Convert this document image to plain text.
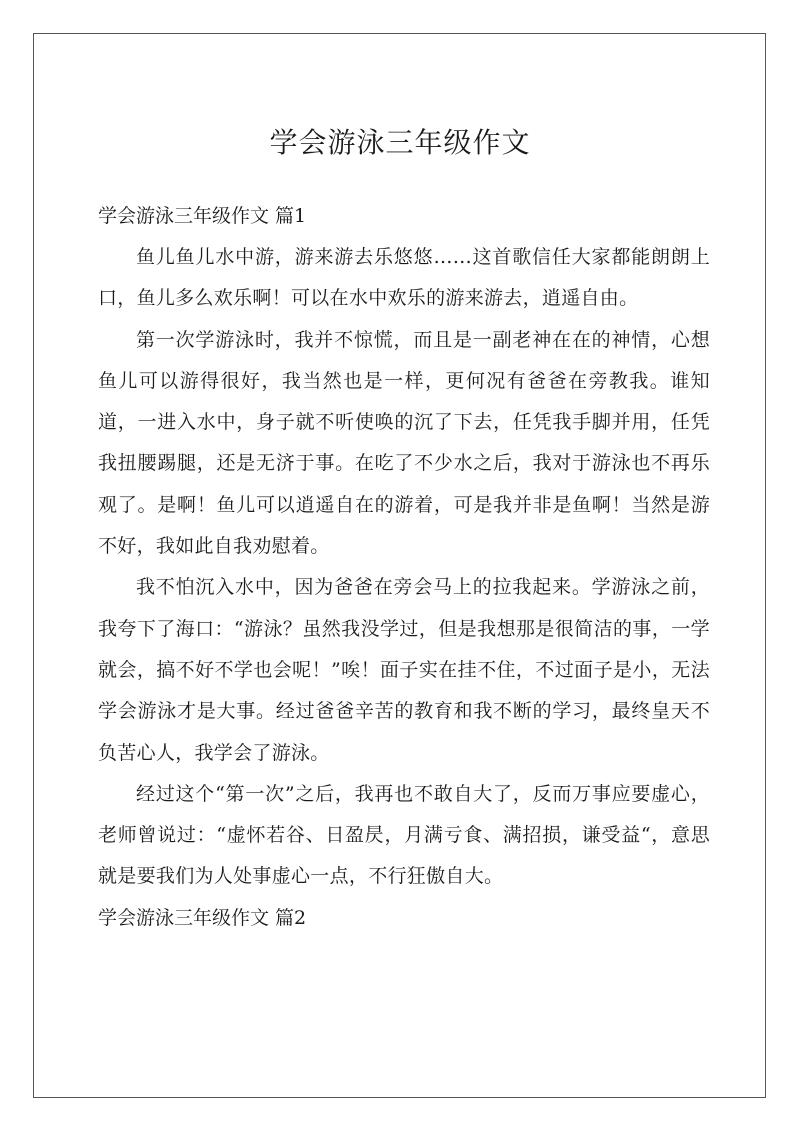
学会游泳三年级作文
学会游泳三年级作文 篇1

鱼儿鱼儿水中游，游来游去乐悠悠……这首歌信任大家都能朗朗上口，鱼儿多么欢乐啊！可以在水中欢乐的游来游去，逍遥自由。

第一次学游泳时，我并不惊慌，而且是一副老神在在的神情，心想鱼儿可以游得很好，我当然也是一样，更何况有爸爸在旁教我。谁知道，一进入水中，身子就不听使唤的沉了下去，任凭我手脚并用，任凭我扭腰踢腿，还是无济于事。在吃了不少水之后，我对于游泳也不再乐观了。是啊！鱼儿可以逍遥自在的游着，可是我并非是鱼啊！当然是游不好，我如此自我劝慰着。

我不怕沉入水中，因为爸爸在旁会马上的拉我起来。学游泳之前，我夸下了海口：“游泳？虽然我没学过，但是我想那是很简洁的事，一学就会，搞不好不学也会呢！”唉！面子实在挂不住，不过面子是小，无法学会游泳才是大事。经过爸爸辛苦的教育和我不断的学习，最终皇天不负苦心人，我学会了游泳。

经过这个“第一次”之后，我再也不敢自大了，反而万事应要虚心，老师曾说过：“虚怀若谷、日盈昃，月满亏食、满招损，谦受益“，意思就是要我们为人处事虚心一点，不行狂傲自大。

学会游泳三年级作文 篇2
